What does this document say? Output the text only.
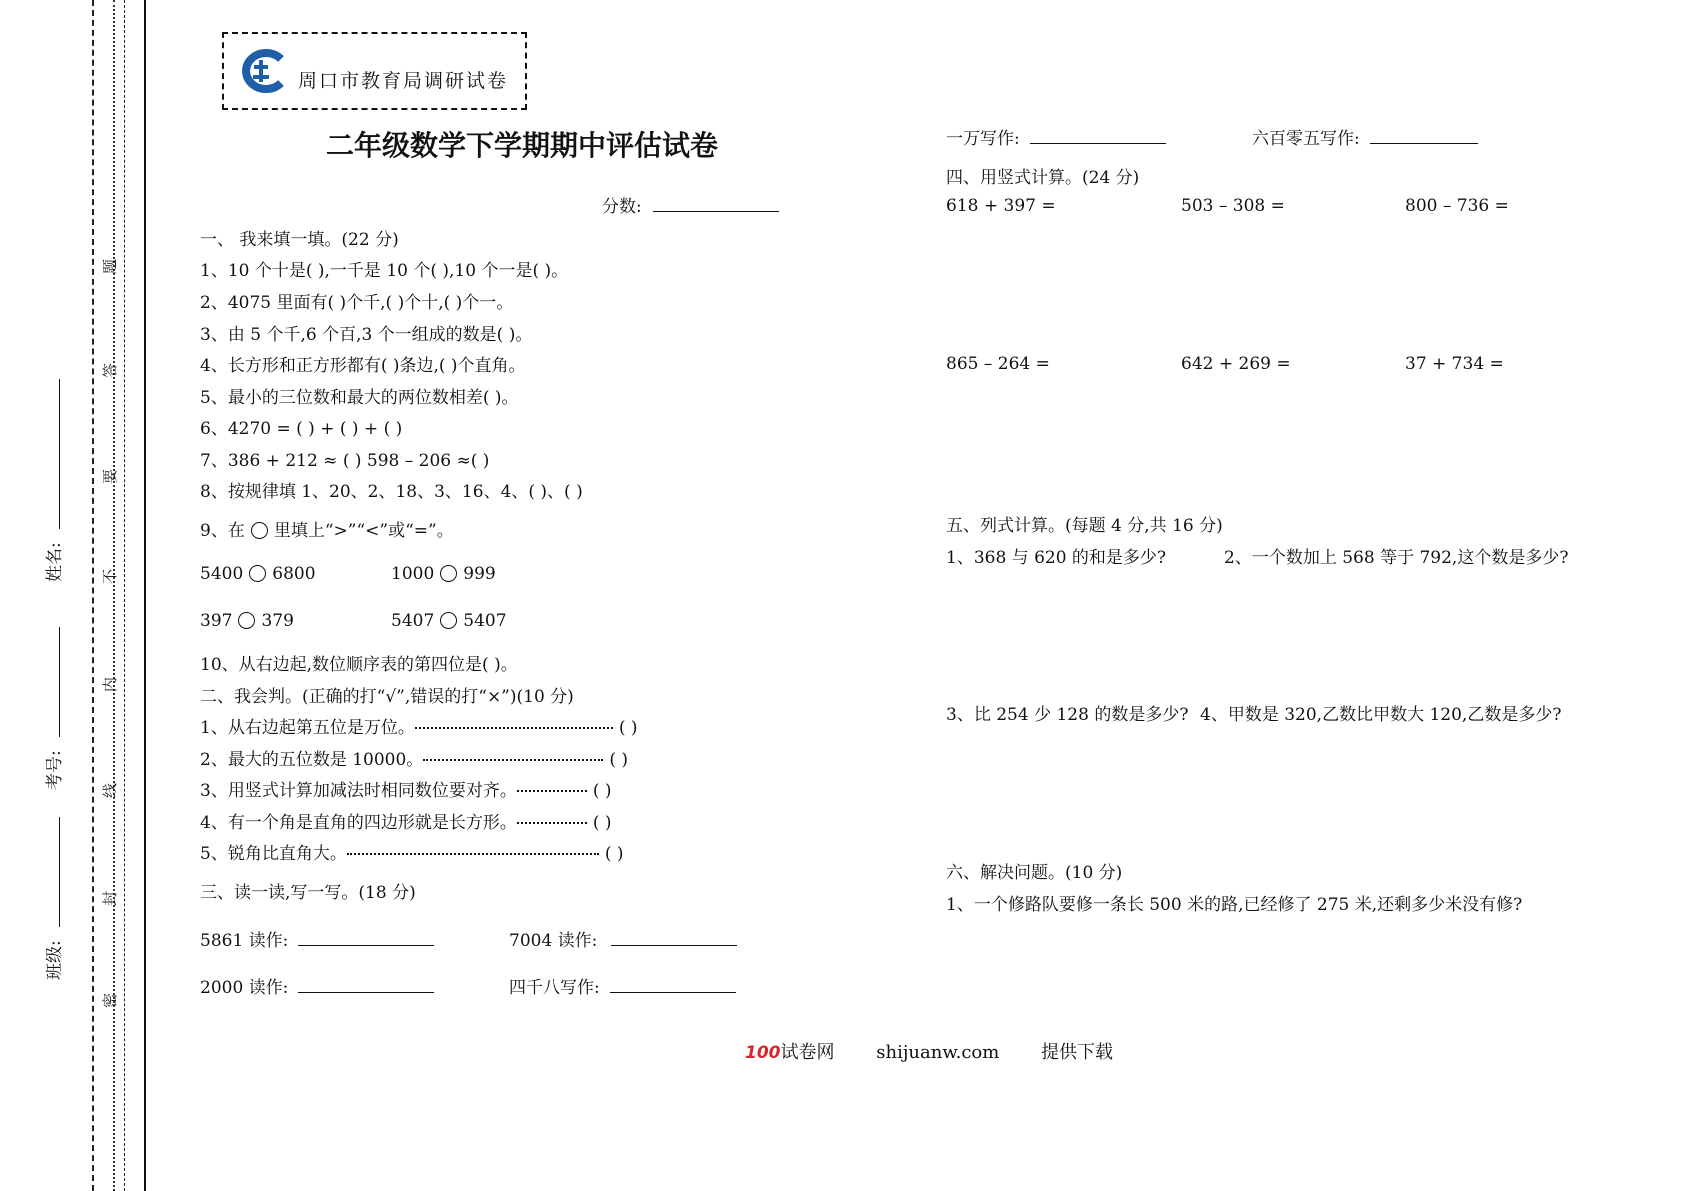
密
封
线
内
不
要
答
题
班级:
考号:
姓名:
周口市教育局调研试卷
二年级数学下学期期中评估试卷
分数:
一、 我来填一填。(22 分)
1、10 个十是( ),一千是 10 个( ),10 个一是( )。
2、4075 里面有( )个千,( )个十,( )个一。
3、由 5 个千,6 个百,3 个一组成的数是( )。
4、长方形和正方形都有( )条边,( )个直角。
5、最小的三位数和最大的两位数相差( )。
6、4270 = ( ) + ( ) + ( )
7、386 + 212 ≈ ( ) 598 – 206 ≈( )
8、按规律填 1、20、2、18、3、16、4、( )、( )
9、在 里填上“>”“<”或“=”。
5400 6800	1000 999
397 379	5407 5407
10、从右边起,数位顺序表的第四位是( )。
二、我会判。(正确的打“√”,错误的打“×”)(10 分)
1、从右边起第五位是万位。	( )
2、最大的五位数是 10000。	( )
3、用竖式计算加减法时相同数位要对齐。	( )
4、有一个角是直角的四边形就是长方形。	( )
5、锐角比直角大。	( )
三、读一读,写一写。(18 分)
5861 读作:	7004 读作:
2000 读作:	四千八写作:
一万写作:	六百零五写作:
四、用竖式计算。(24 分)
618 + 397 =	503 – 308 =	800 – 736 =
865 – 264 =	642 + 269 =	37 + 734 =
五、列式计算。(每题 4 分,共 16 分)
1、368 与 620 的和是多少?	2、一个数加上 568 等于 792,这个数是多少?
3、比 254 少 128 的数是多少? 4、甲数是 320,乙数比甲数大 120,乙数是多少?
六、解决问题。(10 分)
1、一个修路队要修一条长 500 米的路,已经修了 275 米,还剩多少米没有修?
100试卷网 shijuanw.com 提供下载
